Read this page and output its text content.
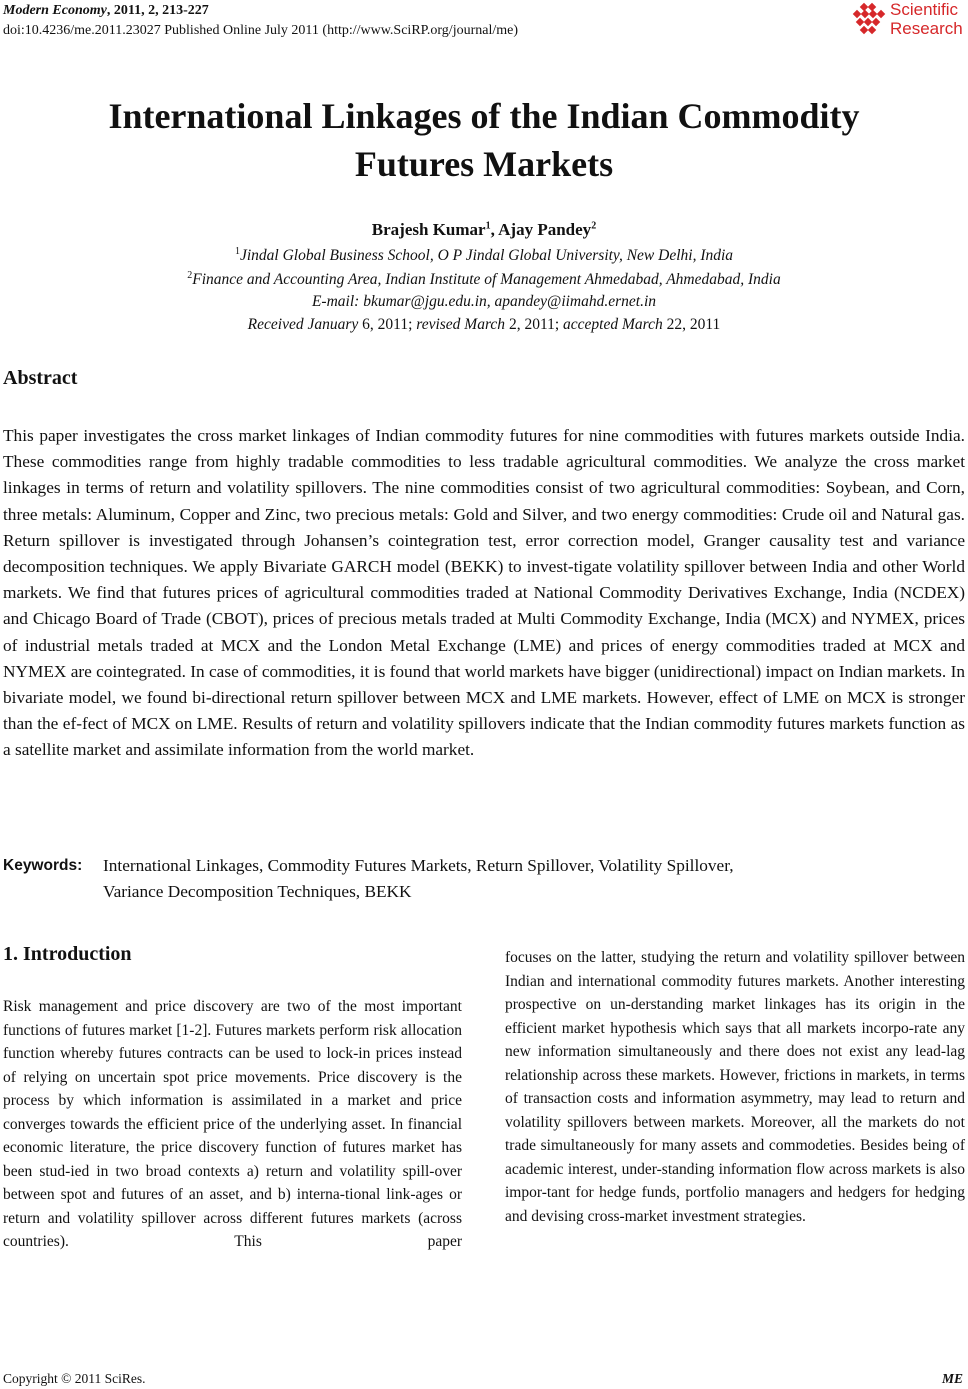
Modern Economy, 2011, 2, 213-227
doi:10.4236/me.2011.23027 Published Online July 2011 (http://www.SciRP.org/journal/me)
Scientific
Research
International Linkages of the Indian Commodity
Futures Markets
Brajesh Kumar$^1$, Ajay Pandey$^2$
$^1$Jindal Global Business School, O P Jindal Global University, New Delhi, India
$^2$Finance and Accounting Area, Indian Institute of Management Ahmedabad, Ahmedabad, India
E-mail: bkumar@jgu.edu.in, apandey@iimahd.ernet.in
Received January 6, 2011; revised March 2, 2011; accepted March 22, 2011
Abstract
This paper investigates the cross market linkages of Indian commodity futures for nine commodities with futures markets outside India. These commodities range from highly tradable commodities to less tradable agricultural commodities. We analyze the cross market linkages in terms of return and volatility spillovers. The nine commodities consist of two agricultural commodities: Soybean, and Corn, three metals: Aluminum, Copper and Zinc, two precious metals: Gold and Silver, and two energy commodities: Crude oil and Natural gas. Return spillover is investigated through Johansen’s cointegration test, error correction model, Granger causality test and variance decomposition techniques. We apply Bivariate GARCH model (BEKK) to invest-tigate volatility spillover between India and other World markets. We find that futures prices of agricultural commodities traded at National Commodity Derivatives Exchange, India (NCDEX) and Chicago Board of Trade (CBOT), prices of precious metals traded at Multi Commodity Exchange, India (MCX) and NYMEX, prices of industrial metals traded at MCX and the London Metal Exchange (LME) and prices of energy commodities traded at MCX and NYMEX are cointegrated. In case of commodities, it is found that world markets have bigger (unidirectional) impact on Indian markets. In bivariate model, we found bi-directional return spillover between MCX and LME markets. However, effect of LME on MCX is stronger than the ef-fect of MCX on LME. Results of return and volatility spillovers indicate that the Indian commodity futures markets function as a satellite market and assimilate information from the world market.
Keywords: International Linkages, Commodity Futures Markets, Return Spillover, Volatility Spillover,
Variance Decomposition Techniques, BEKK
1. Introduction
Risk management and price discovery are two of the most important functions of futures market [1-2]. Futures markets perform risk allocation function whereby futures contracts can be used to lock-in prices instead of relying on uncertain spot price movements. Price discovery is the process by which information is assimilated in a market and price converges towards the efficient price of the underlying asset. In financial economic literature, the price discovery function of futures market has been stud-ied in two broad contexts a) return and volatility spill-over between spot and futures of an asset, and b) interna-tional link-ages or return and volatility spillover across different futures markets (across countries). This paper
focuses on the latter, studying the return and volatility spillover between Indian and international commodity futures markets. Another interesting prospective on un-derstanding market linkages has its origin in the efficient market hypothesis which says that all markets incorpo-rate any new information simultaneously and there does not exist any lead-lag relationship across these markets. However, frictions in markets, in terms of transaction costs and information asymmetry, may lead to return and volatility spillovers between markets. Moreover, all the markets do not trade simultaneously for many assets and commodeties. Besides being of academic interest, under-standing information flow across markets is also impor-tant for hedge funds, portfolio managers and hedgers for hedging and devising cross-market investment strategies.
Copyright © 2011 SciRes.	ME
